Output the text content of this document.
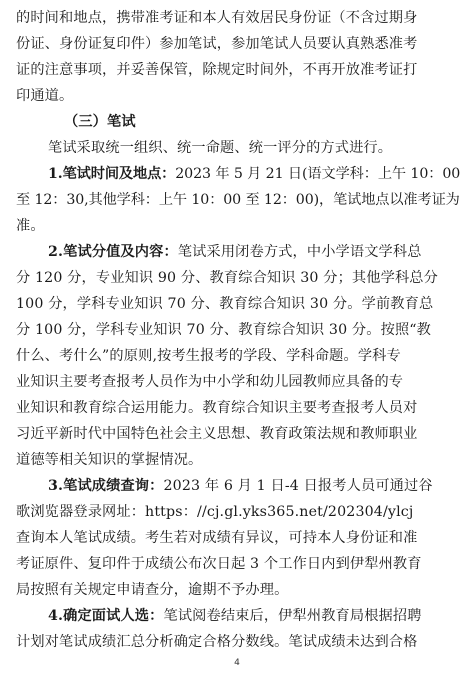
的时间和地点，携带准考证和本人有效居民身份证（不含过期身
份证、身份证复印件）参加笔试，参加笔试人员要认真熟悉准考
证的注意事项，并妥善保管，除规定时间外，不再开放准考证打
印通道。
（三）笔试
笔试采取统一组织、统一命题、统一评分的方式进行。
1.笔试时间及地点：2023 年 5 月 21 日(语文学科：上午 10：00
至 12：30,其他学科：上午 10：00 至 12：00)，笔试地点以准考证为
准。
2.笔试分值及内容：笔试采用闭卷方式，中小学语文学科总
分 120 分，专业知识 90 分、教育综合知识 30 分；其他学科总分
100 分，学科专业知识 70 分、教育综合知识 30 分。学前教育总
分 100 分，学科专业知识 70 分、教育综合知识 30 分。按照“教
什么、考什么”的原则,按考生报考的学段、学科命题。学科专
业知识主要考查报考人员作为中小学和幼儿园教师应具备的专
业知识和教育综合运用能力。教育综合知识主要考查报考人员对
习近平新时代中国特色社会主义思想、教育政策法规和教师职业
道德等相关知识的掌握情况。
3.笔试成绩查询：2023 年 6 月 1 日-4 日报考人员可通过谷
歌浏览器登录网址：https：//cj.gl.yks365.net/202304/ylcj
查询本人笔试成绩。考生若对成绩有异议，可持本人身份证和准
考证原件、复印件于成绩公布次日起 3 个工作日内到伊犁州教育
局按照有关规定申请查分，逾期不予办理。
4.确定面试人选：笔试阅卷结束后，伊犁州教育局根据招聘
计划对笔试成绩汇总分析确定合格分数线。笔试成绩未达到合格
4
